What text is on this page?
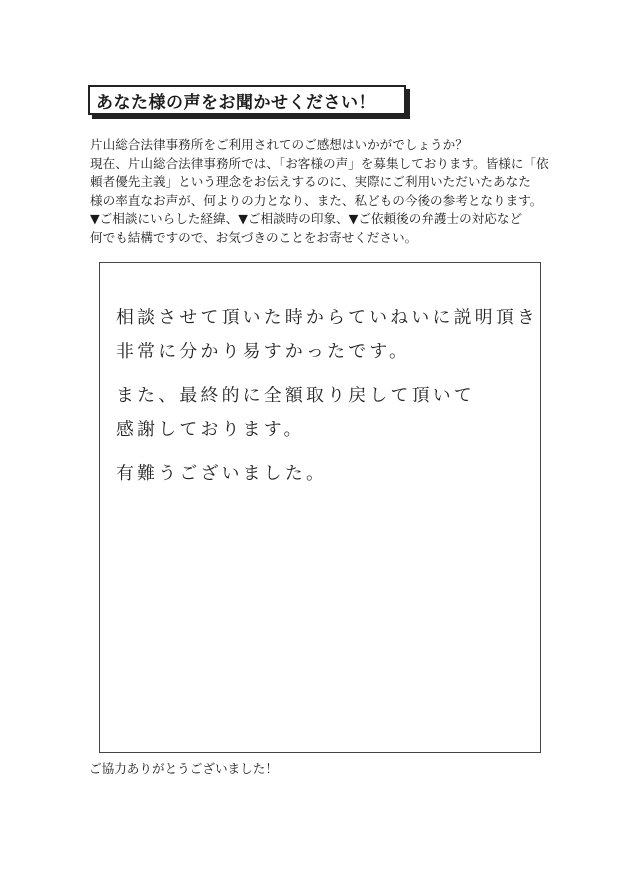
あなた様の声をお聞かせください！
片山総合法律事務所をご利用されてのご感想はいかがでしょうか？
現在、片山総合法律事務所では、「お客様の声」を募集しております。皆様に「依
頼者優先主義」という理念をお伝えするのに、実際にご利用いただいたあなた
様の率直なお声が、何よりの力となり、また、私どもの今後の参考となります。
▼ご相談にいらした経緯、▼ご相談時の印象、▼ご依頼後の弁護士の対応など
何でも結構ですので、お気づきのことをお寄せください。
相談させて頂いた時からていねいに説明頂き
非常に分かり易すかったです。
また、最終的に全額取り戻して頂いて
感謝しております。
有難うございました。
ご協力ありがとうございました！
